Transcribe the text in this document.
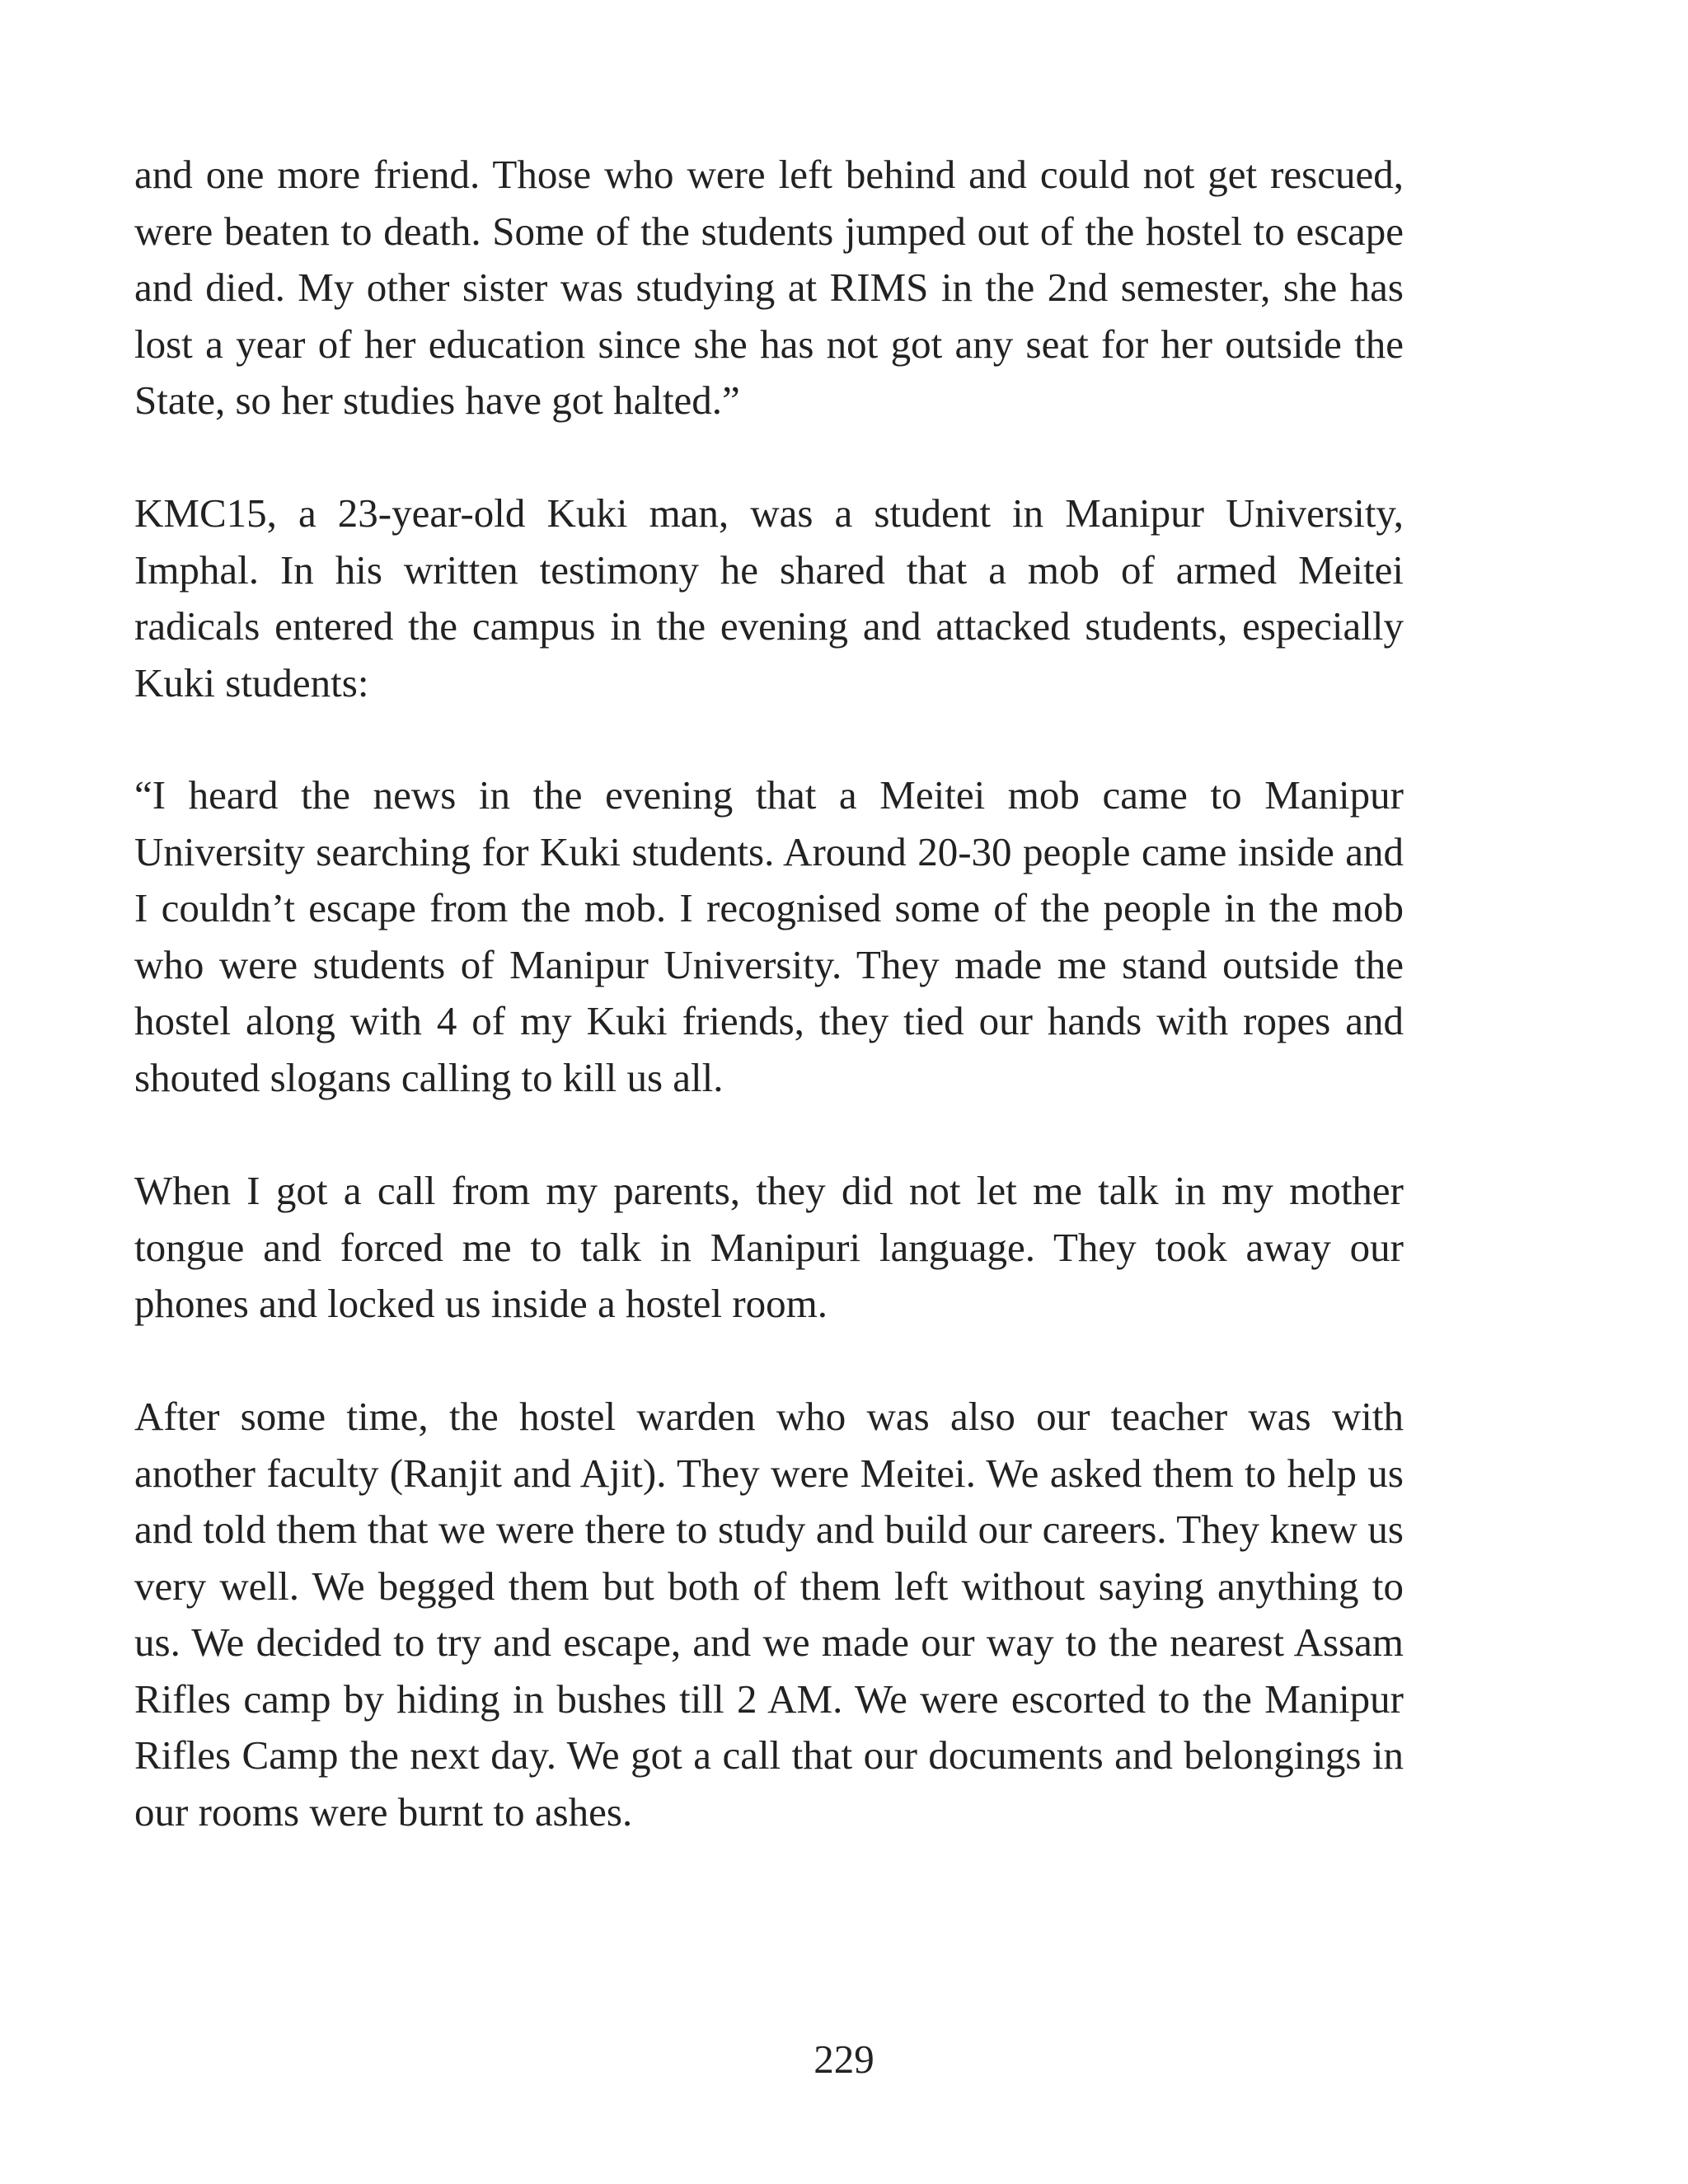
and one more friend. Those who were left behind and could not get rescued, were beaten to death. Some of the students jumped out of the hostel to escape and died. My other sister was studying at RIMS in the 2nd semester, she has lost a year of her education since she has not got any seat for her outside the State, so her studies have got halted.”

KMC15, a 23-year-old Kuki man, was a student in Manipur University, Imphal. In his written testimony he shared that a mob of armed Meitei radicals entered the campus in the evening and attacked students, especially Kuki students:

“I heard the news in the evening that a Meitei mob came to Manipur University searching for Kuki students. Around 20-30 people came inside and I couldn’t escape from the mob. I recognised some of the people in the mob who were students of Manipur University. They made me stand outside the hostel along with 4 of my Kuki friends, they tied our hands with ropes and shouted slogans calling to kill us all.

When I got a call from my parents, they did not let me talk in my mother tongue and forced me to talk in Manipuri language. They took away our phones and locked us inside a hostel room.

After some time, the hostel warden who was also our teacher was with another faculty (Ranjit and Ajit). They were Meitei. We asked them to help us and told them that we were there to study and build our careers. They knew us very well. We begged them but both of them left without saying anything to us. We decided to try and escape, and we made our way to the nearest Assam Rifles camp by hiding in bushes till 2 AM. We were escorted to the Manipur Rifles Camp the next day. We got a call that our documents and belongings in our rooms were burnt to ashes.

229
